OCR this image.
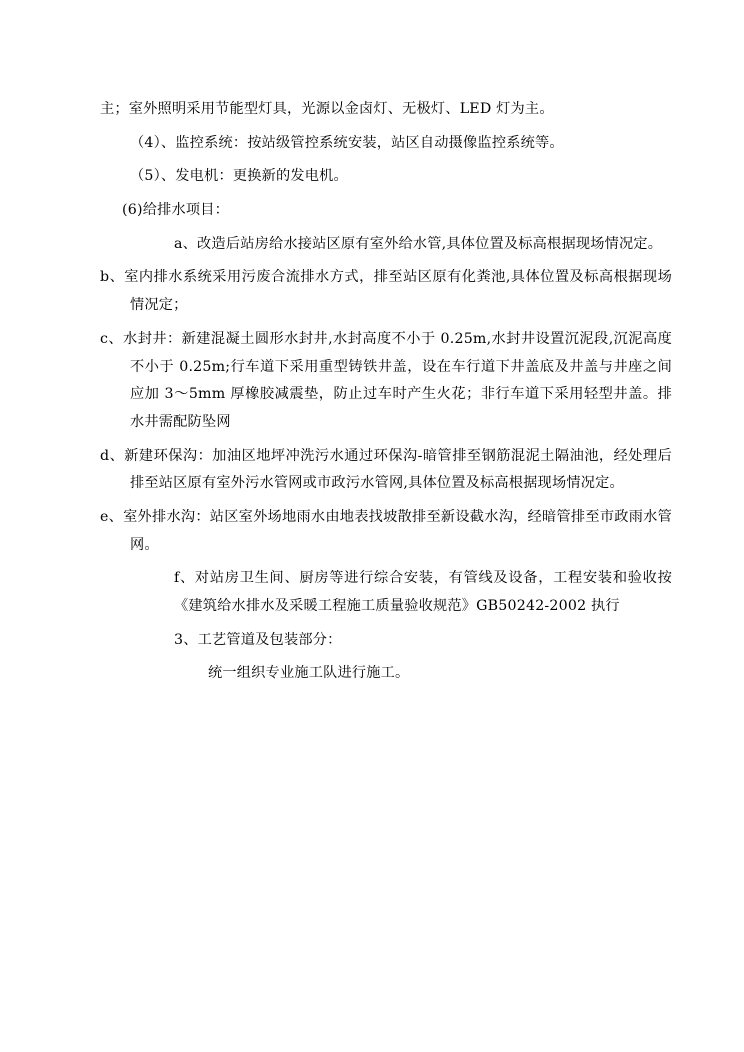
主；室外照明采用节能型灯具，光源以金卤灯、无极灯、LED 灯为主。

（4）、监控系统：按站级管控系统安装，站区自动摄像监控系统等。

（5）、发电机：更换新的发电机。

(6)给排水项目：

a、改造后站房给水接站区原有室外给水管,具体位置及标高根据现场情况定。

b、室内排水系统采用污废合流排水方式，排至站区原有化粪池,具体位置及标高根据现场情况定；

c、水封井：新建混凝土圆形水封井,水封高度不小于 0.25m,水封井设置沉泥段,沉泥高度不小于 0.25m;行车道下采用重型铸铁井盖，设在车行道下井盖底及井盖与井座之间应加 3～5mm 厚橡胶减震垫，防止过车时产生火花；非行车道下采用轻型井盖。排水井需配防坠网

d、新建环保沟：加油区地坪冲洗污水通过环保沟-暗管排至钢筋混泥土隔油池，经处理后排至站区原有室外污水管网或市政污水管网,具体位置及标高根据现场情况定。

e、室外排水沟：站区室外场地雨水由地表找坡散排至新设截水沟，经暗管排至市政雨水管网。

f、对站房卫生间、厨房等进行综合安装，有管线及设备，工程安装和验收按《建筑给水排水及采暖工程施工质量验收规范》GB50242-2002 执行

3、工艺管道及包装部分：

统一组织专业施工队进行施工。
